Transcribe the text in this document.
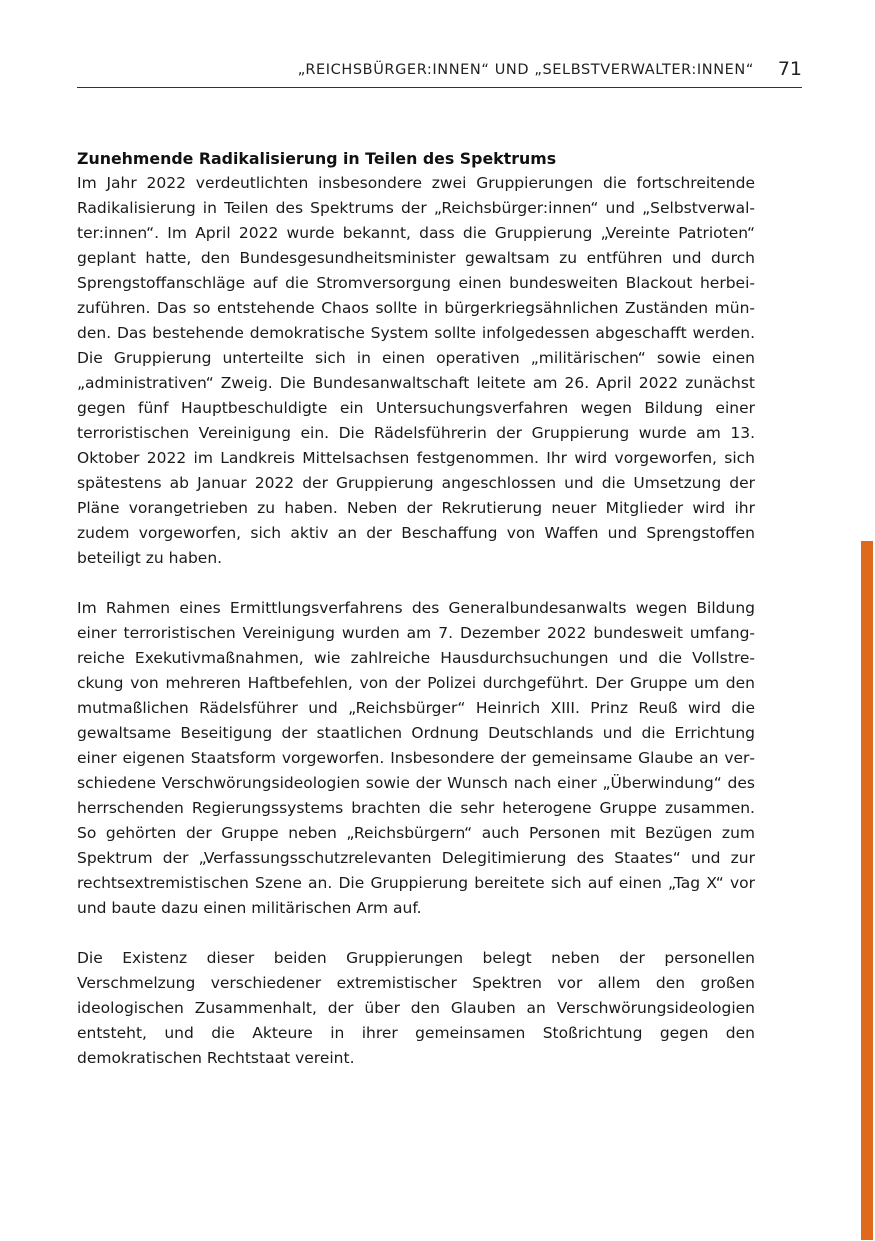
„REICHSBÜRGER:INNEN“ UND „SELBSTVERWALTER:INNEN“ 71
Zunehmende Radikalisierung in Teilen des Spektrums

Im Jahr 2022 verdeutlichten insbesondere zwei Gruppierungen die fortschreitende Radikalisierung in Teilen des Spektrums der „Reichsbürger:innen“ und „Selbstverwalter:innen“. Im April 2022 wurde bekannt, dass die Gruppierung „Vereinte Patrioten“ geplant hatte, den Bundesgesundheitsminister gewaltsam zu entführen und durch Sprengstoffanschläge auf die Stromversorgung einen bundesweiten Blackout herbeizuführen. Das so entstehende Chaos sollte in bürgerkriegsähnlichen Zuständen münden. Das bestehende demokratische System sollte infolgedessen abgeschafft werden. Die Gruppierung unterteilte sich in einen operativen „militärischen“ sowie einen „administrativen“ Zweig. Die Bundesanwaltschaft leitete am 26. April 2022 zunächst gegen fünf Hauptbeschuldigte ein Untersuchungsverfahren wegen Bildung einer terroristischen Vereinigung ein. Die Rädelsführerin der Gruppierung wurde am 13. Oktober 2022 im Landkreis Mittelsachsen festgenommen. Ihr wird vorgeworfen, sich spätestens ab Januar 2022 der Gruppierung angeschlossen und die Umsetzung der Pläne vorangetrieben zu haben. Neben der Rekrutierung neuer Mitglieder wird ihr zudem vorgeworfen, sich aktiv an der Beschaffung von Waffen und Sprengstoffen beteiligt zu haben.

Im Rahmen eines Ermittlungsverfahrens des Generalbundesanwalts wegen Bildung einer terroristischen Vereinigung wurden am 7. Dezember 2022 bundesweit umfangreiche Exekutivmaßnahmen, wie zahlreiche Hausdurchsuchungen und die Vollstreckung von mehreren Haftbefehlen, von der Polizei durchgeführt. Der Gruppe um den mutmaßlichen Rädelsführer und „Reichsbürger“ Heinrich XIII. Prinz Reuß wird die gewaltsame Beseitigung der staatlichen Ordnung Deutschlands und die Errichtung einer eigenen Staatsform vorgeworfen. Insbesondere der gemeinsame Glaube an verschiedene Verschwörungsideologien sowie der Wunsch nach einer „Überwindung“ des herrschenden Regierungssystems brachten die sehr heterogene Gruppe zusammen. So gehörten der Gruppe neben „Reichsbürgern“ auch Personen mit Bezügen zum Spektrum der „Verfassungsschutzrelevanten Delegitimierung des Staates“ und zur rechtsextremistischen Szene an. Die Gruppierung bereitete sich auf einen „Tag X“ vor und baute dazu einen militärischen Arm auf.

Die Existenz dieser beiden Gruppierungen belegt neben der personellen Verschmelzung verschiedener extremistischer Spektren vor allem den großen ideologischen Zusammenhalt, der über den Glauben an Verschwörungsideologien entsteht, und die Akteure in ihrer gemeinsamen Stoßrichtung gegen den demokratischen Rechtstaat vereint.
